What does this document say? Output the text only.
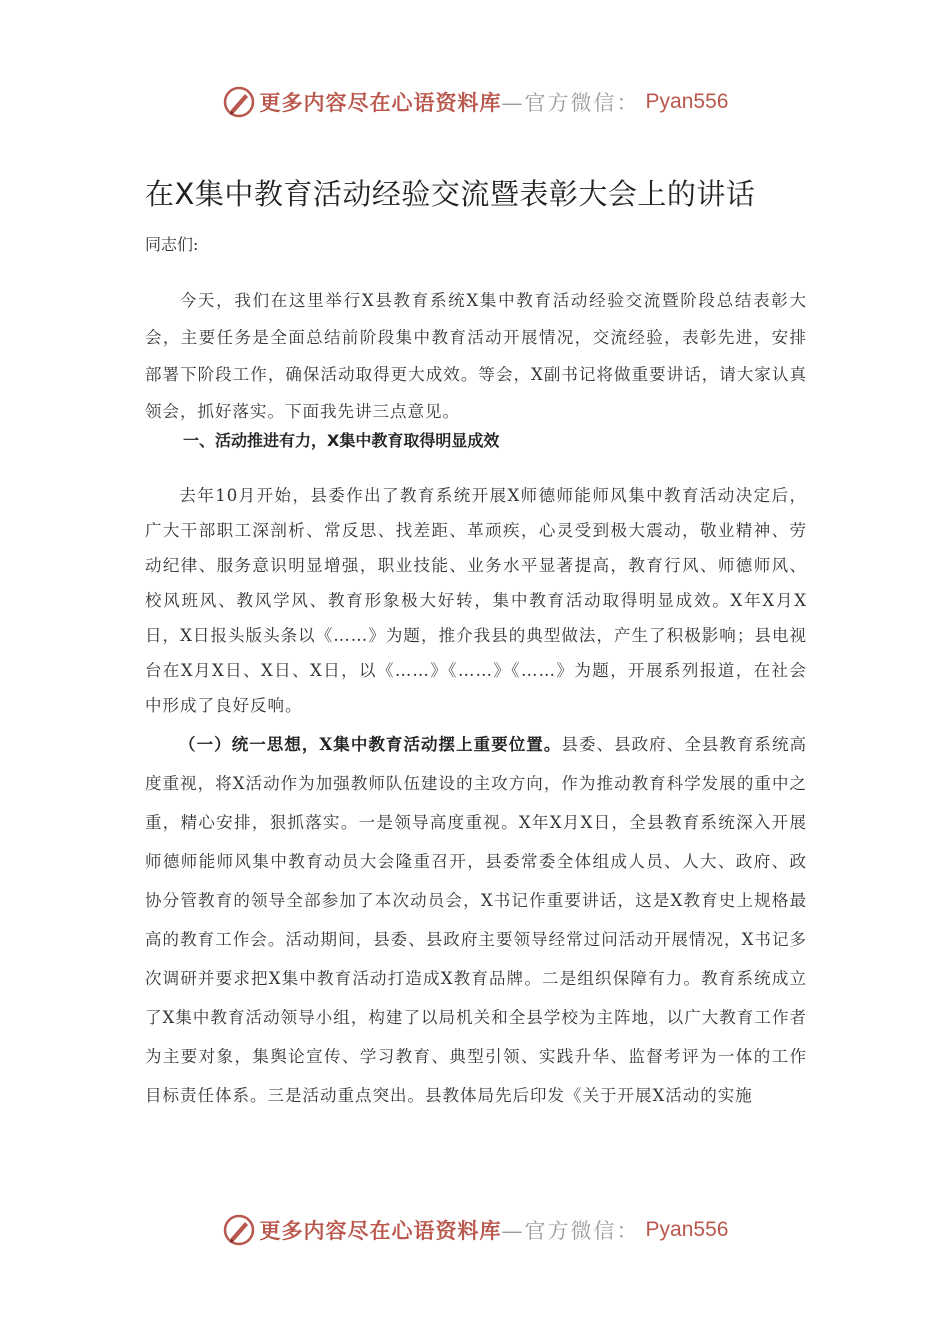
更多内容尽在心语资料库 —官方微信： Pyan556
在X集中教育活动经验交流暨表彰大会上的讲话

同志们:

今天，我们在这里举行X县教育系统X集中教育活动经验交流暨阶段总结表彰大会，主要任务是全面总结前阶段集中教育活动开展情况，交流经验，表彰先进，安排部署下阶段工作，确保活动取得更大成效。等会，X副书记将做重要讲话，请大家认真领会，抓好落实。下面我先讲三点意见。

一、活动推进有力，X集中教育取得明显成效

去年10月开始，县委作出了教育系统开展X师德师能师风集中教育活动决定后，广大干部职工深剖析、常反思、找差距、革顽疾，心灵受到极大震动，敬业精神、劳动纪律、服务意识明显增强，职业技能、业务水平显著提高，教育行风、师德师风、校风班风、教风学风、教育形象极大好转，集中教育活动取得明显成效。X年X月X日，X日报头版头条以《……》为题，推介我县的典型做法，产生了积极影响；县电视台在X月X日、X日、X日，以《……》《……》《……》为题，开展系列报道，在社会中形成了良好反响。

（一）统一思想，X集中教育活动摆上重要位置。县委、县政府、全县教育系统高度重视，将X活动作为加强教师队伍建设的主攻方向，作为推动教育科学发展的重中之重，精心安排，狠抓落实。一是领导高度重视。X年X月X日，全县教育系统深入开展师德师能师风集中教育动员大会隆重召开，县委常委全体组成人员、人大、政府、政协分管教育的领导全部参加了本次动员会，X书记作重要讲话，这是X教育史上规格最高的教育工作会。活动期间，县委、县政府主要领导经常过问活动开展情况，X书记多次调研并要求把X集中教育活动打造成X教育品牌。二是组织保障有力。教育系统成立了X集中教育活动领导小组，构建了以局机关和全县学校为主阵地，以广大教育工作者为主要对象，集舆论宣传、学习教育、典型引领、实践升华、监督考评为一体的工作目标责任体系。三是活动重点突出。县教体局先后印发《关于开展X活动的实施

更多内容尽在心语资料库 —官方微信： Pyan556
